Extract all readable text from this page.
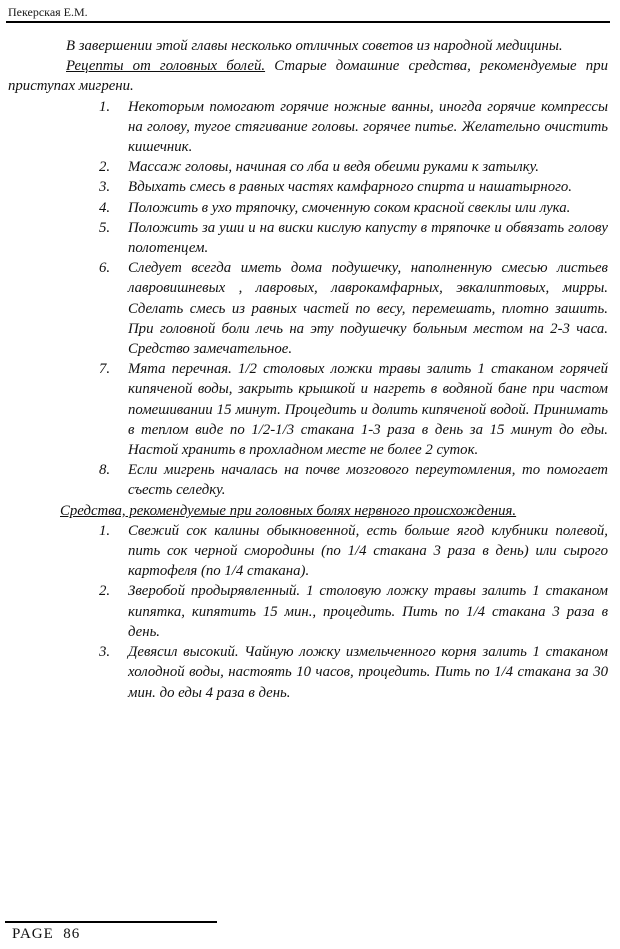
Пекерская Е.М.

В завершении этой главы несколько отличных советов из народной медицины.

Рецепты от головных болей. Старые домашние средства, рекомендуемые при приступах мигрени.

1. Некоторым помогают горячие ножные ванны, иногда горячие компрессы на голову, тугое стягивание головы. горячее питье. Желательно очистить кишечник.
2. Массаж головы, начиная со лба и ведя обеими руками к затылку.
3. Вдыхать смесь в равных частях камфарного спирта и нашатырного.
4. Положить в ухо тряпочку, смоченную соком красной свеклы или лука.
5. Положить за уши и на виски кислую капусту в тряпочке и обвязать голову полотенцем.
6. Следует всегда иметь дома подушечку, наполненную смесью листьев лавровишневых , лавровых, лаврокамфарных, эвкалиптовых, мирры. Сделать смесь из равных частей по весу, перемешать, плотно зашить. При головной боли лечь на эту подушечку больным местом на 2-3 часа. Средство замечательное.
7. Мята перечная. 1/2 столовых ложки травы залить 1 стаканом горячей кипяченой воды, закрыть крышкой и нагреть в водяной бане при частом помешивании 15 минут. Процедить и долить кипяченой водой. Принимать в теплом виде по 1/2-1/3 стакана 1-3 раза в день за 15 минут до еды. Настой хранить в прохладном месте не более 2 суток.
8. Если мигрень началась на почве мозгового переутомления, то помогает съесть селедку.

Средства, рекомендуемые при головных болях нервного происхождения.

1. Свежий сок калины обыкновенной, есть больше ягод клубники полевой, пить сок черной смородины (по 1/4 стакана 3 раза в день) или сырого картофеля (по 1/4 стакана).
2. Зверобой продырявленный. 1 столовую ложку травы залить 1 стаканом кипятка, кипятить 15 мин., процедить. Пить по 1/4 стакана 3 раза в день.
3. Девясил высокий. Чайную ложку измельченного корня залить 1 стаканом холодной воды, настоять 10 часов, процедить. Пить по 1/4 стакана за 30 мин. до еды 4 раза в день.
PAGE  86
